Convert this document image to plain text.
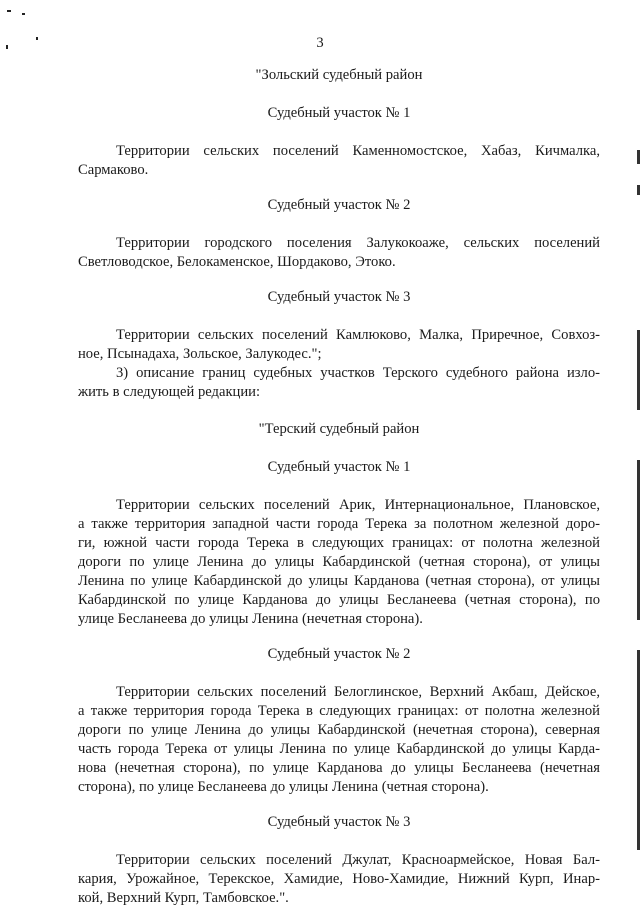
3
"Зольский судебный район
Судебный участок № 1
Территории сельских поселений Каменномостское, Хабаз, Кичмалка,
Сармаково.
Судебный участок № 2
Территории городского поселения Залукокоаже, сельских поселений
Светловодское, Белокаменское, Шордаково, Этоко.
Судебный участок № 3
Территории сельских поселений Камлюково, Малка, Приречное, Совхоз-
ное, Псынадаха, Зольское, Залукодес.";
3) описание границ судебных участков Терского судебного района изло-
жить в следующей редакции:
"Терский судебный район
Судебный участок № 1
Территории сельских поселений Арик, Интернациональное, Плановское,
а также территория западной части города Терека за полотном железной доро-
ги, южной части города Терека в следующих границах: от полотна железной
дороги по улице Ленина до улицы Кабардинской (четная сторона), от улицы
Ленина по улице Кабардинской до улицы Карданова (четная сторона), от улицы
Кабардинской по улице Карданова до улицы Бесланеева (четная сторона), по
улице Бесланеева до улицы Ленина (нечетная сторона).
Судебный участок № 2
Территории сельских поселений Белоглинское, Верхний Акбаш, Дейское,
а также территория города Терека в следующих границах: от полотна железной
дороги по улице Ленина до улицы Кабардинской (нечетная сторона), северная
часть города Терека от улицы Ленина по улице Кабардинской до улицы Карда-
нова (нечетная сторона), по улице Карданова до улицы Бесланеева (нечетная
сторона), по улице Бесланеева до улицы Ленина (четная сторона).
Судебный участок № 3
Территории сельских поселений Джулат, Красноармейское, Новая Бал-
кария, Урожайное, Терекское, Хамидие, Ново-Хамидие, Нижний Курп, Инар-
кой, Верхний Курп, Тамбовское.".
